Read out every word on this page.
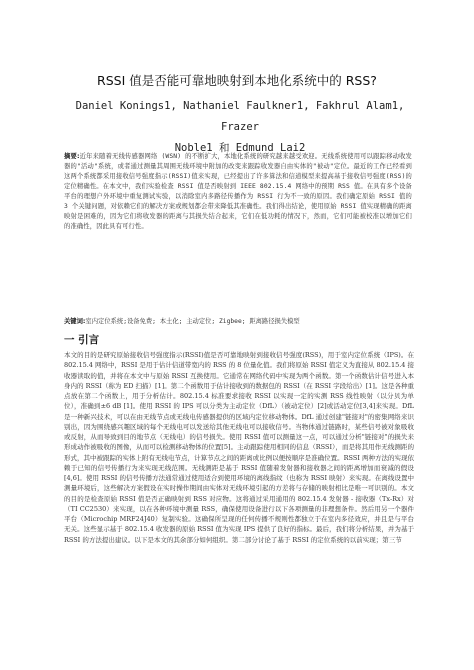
RSSI 值是否能可靠地映射到本地化系统中的 RSS?
Daniel Konings1, Nathaniel Faulkner1, Fakhrul Alam1, Frazer
Noble1 和 Edmund Lai2
摘要:近年来随着无线传感器网络 (WSN) 的不断扩大，本地化系统的研究越来越受欢迎。无线系统使用可以跟踪移动收发器的"活动"系统，或者通过测量其周围无线环境中附加的改变来跟踪收发器自由实体的"被动"定位。最近的工作已经看到这两个系统都采用接收信号强度指示(RSSI)值来实现，已经提出了许多算法和信道模型来提高基于接收信号强度(RSS)的定位精确性。在本文中，我们实验检查 RSSI 值是否映射到 IEEE 802.15.4 网络中的预期 RSS 值。在具有多个设备平台的理想户外环境中重复测试实验，以消除室内多路径传播作为 RSSI 行为不一致的原因。我们确定原始 RSSI 值的 3 个关键问题，对依赖它们的解决方案或规划都会带来降低其准确性。我们得出结论，使用原始 RSSI 值实现精确的距离映射是困难的，因为它们将收发器的距离与其损失结合起来，它们在低功耗的情况下，然而，它们可能被校准以增加它们的准确性，因此具有可行性。
关键词:室内定位系统;设备免费; 本土化; 主动定位; Zigbee; 距离路径损失模型
一 引言
本文的目的是研究原始接收信号强度指示(RSSI)值是否可靠地映射到接收信号强度(RSS)，用于室内定位系统（IPS)。在 802.15.4 网络中，RSSI 是用于估计信道带宽内的 RSS 的 8 位量化值。我们将原始 RSSI 值定义为直接从 802.15.4 接收器读取的值，并将在本文中与原始 RSSI 互换使用。它通常在网络代码中实现为两个函数。第一个函数估计信号进入本身内的 RSSI（称为 ED 扫描）[1]。第二个函数用于估计接收到的数据包的 RSSI（在 RSSI 字段给出）[1]。这是各种重点放在第二个函数上，用于分析估计。802.15.4 标准要求接收 RSSI 以实现一定的实测 RSS 线性映射（以分贝为单位），准确到±6 dB [1]。使用 RSSI 的 IPS 可以分类为主动定位（DfL）（被动定位）[2]或活动定位[3,4]来实现。DfL 是一种新兴技术，可以在由无线节点或无线电传感器提供的区域内定位移动物体。DfL 通过创建"链接对"的密集网络来识别出，因为围绕感兴趣区域的每个无线电可以发送给其他无线电可以接收信号。当物体通过链路时，某些信号被对象吸收或反射，从而导致到目的地节点（无线电）的信号损失。使用 RSSI 值可以测量这一点，可以通过分析"链接对"的损失来形成动作被吸收的图像，从而可以检测移动物体的位置[5]。主动跟踪使用相同的信息（RSSI），而是将其用作无线测距的形式，其中被跟踪的实体上附有无线电节点，计算节点之间的距离或比例以便按顺序是准确位置。RSSI 两种方法的实现依赖于已知的信号传播行为来实现无线范围。无线测距是基于 RSSI 值随着发射器和接收器之间的距离增加而衰减的假设[4,6]。使用 RSSI 的信号传播方法通常通过使用适合到使用环境的离线指纹（也称为 RSSI 映射）来实现。在离线设置中测量环境后，这些解决方案假设在实时操作期间由实体对无线环境引起的方差将与存储的映射相比是唯一可识别的。本文的目的是检查原始 RSSI 值是否正确映射到 RSS 对应物。这将通过采用通用的 802.15.4 发射器 - 接收器（Tx-Rx）对（TI CC2530）来实现，以在各种环境中测量 RSS，确保使用设备进行以下各项测量的非理想条件。然后用另一个器件平台（Microchip MRF24J40）复制实验。这确保所呈现的任何传播不规则性都独立于在室内多径效应，并且是与平台无关。这些显示基于 802.15.4 收发器的原始 RSSI 值为实现 IPS 提供了良好的指标。最后，我们将分析结果，并为基于 RSSI 的方法提出建议。以下是本文的其余部分如何组织。第二部分讨论了基于 RSSI 的定位系统的以前实现；第三节
